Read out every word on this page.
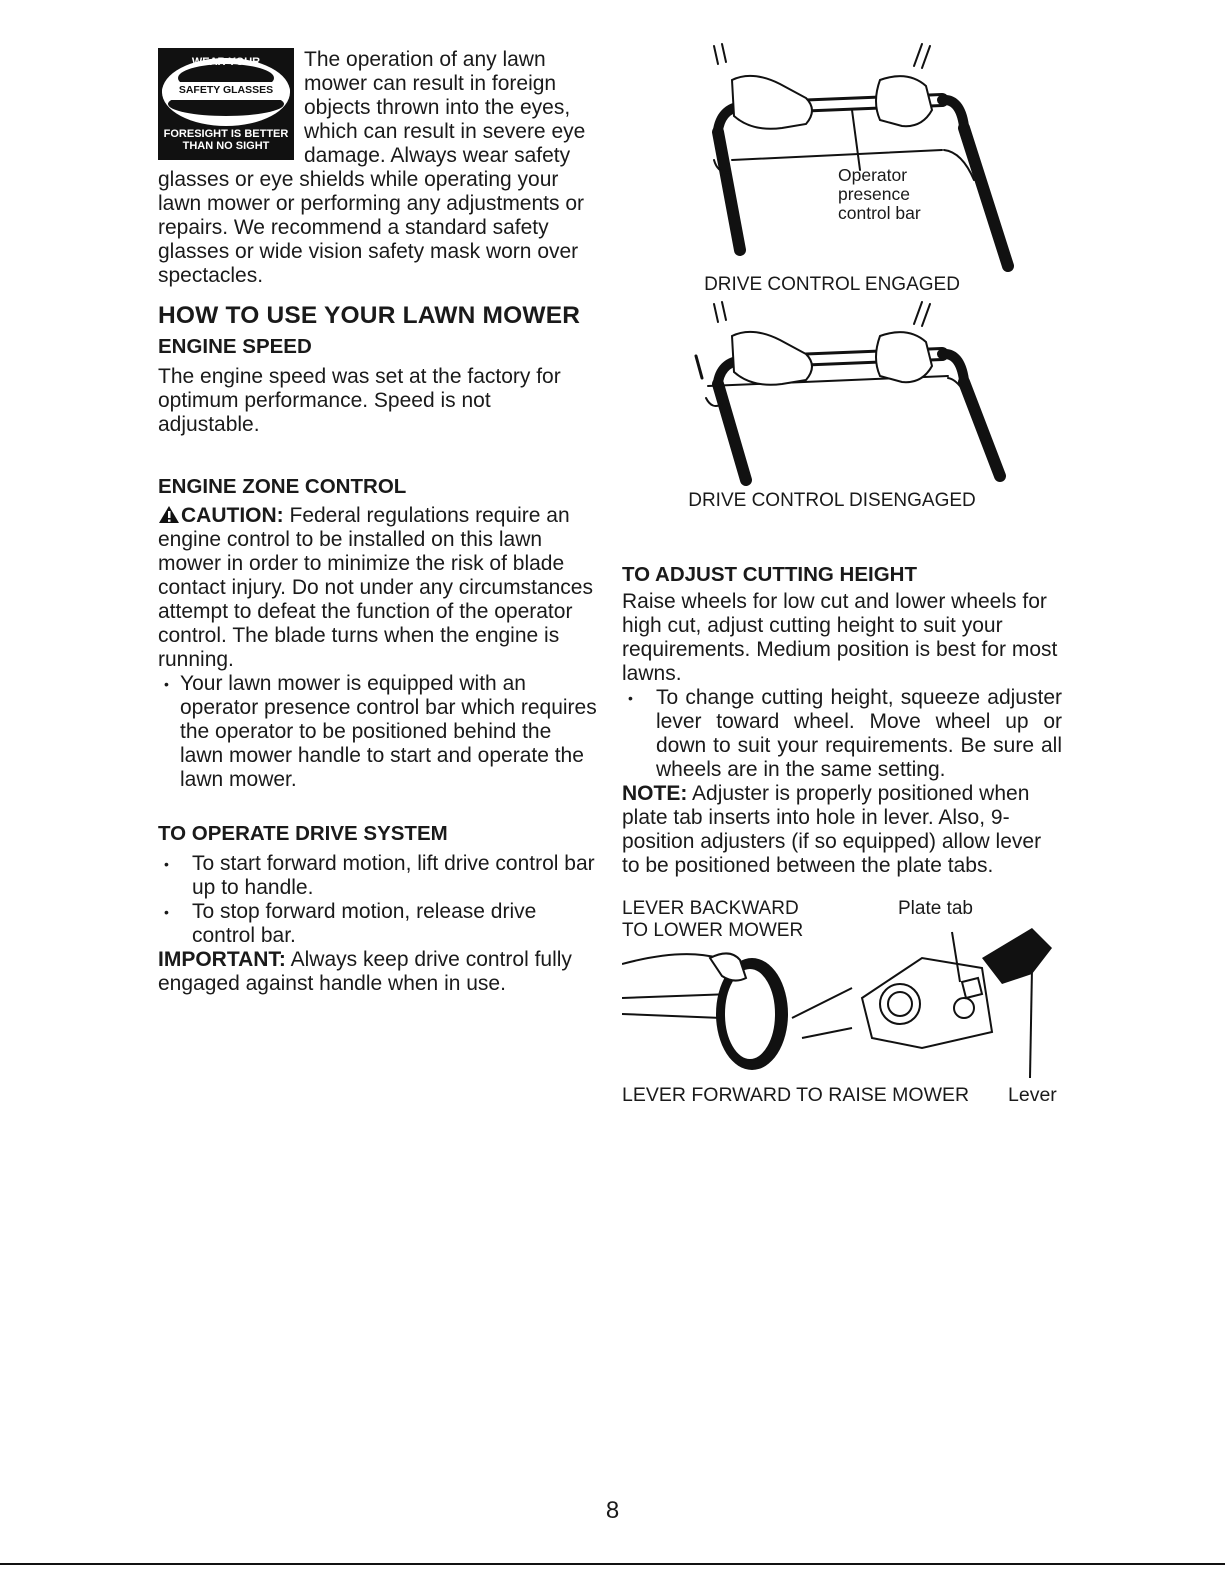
WEAR YOUR
SAFETY GLASSES
FORESIGHT IS BETTER
THAN NO SIGHT

The operation of any lawn mower can result in foreign objects thrown into the eyes, which can result in severe eye damage. Always wear safety glasses or eye shields while operating your lawn mower or performing any adjustments or repairs. We recommend a standard safety glasses or wide vision safety mask worn over spectacles.

HOW TO USE YOUR LAWN MOWER
ENGINE SPEED

The engine speed was set at the factory for optimum performance. Speed is not adjustable.

ENGINE ZONE CONTROL

CAUTION: Federal regulations require an engine control to be installed on this lawn mower in order to minimize the risk of blade contact injury. Do not under any circumstances attempt to defeat the function of the operator control. The blade turns when the engine is running.

• Your lawn mower is equipped with an operator presence control bar which requires the operator to be positioned behind the lawn mower handle to start and operate the lawn mower.
TO OPERATE DRIVE SYSTEM
• To start forward motion, lift drive control bar up to handle.
• To stop forward motion, release drive control bar.

IMPORTANT: Always keep drive control fully engaged against handle when in use.

Operator
presence
control bar
DRIVE CONTROL ENGAGED
DRIVE CONTROL DISENGAGED
TO ADJUST CUTTING HEIGHT

Raise wheels for low cut and lower wheels for high cut, adjust cutting height to suit your requirements. Medium position is best for most lawns.

• To change cutting height, squeeze adjuster lever toward wheel. Move wheel up or down to suit your requirements. Be sure all wheels are in the same setting.

NOTE: Adjuster is properly positioned when plate tab inserts into hole in lever. Also, 9-position adjusters (if so equipped) allow lever to be positioned between the plate tabs.

LEVER BACKWARD
TO LOWER MOWER
Plate tab
LEVER FORWARD TO RAISE MOWER Lever
8
